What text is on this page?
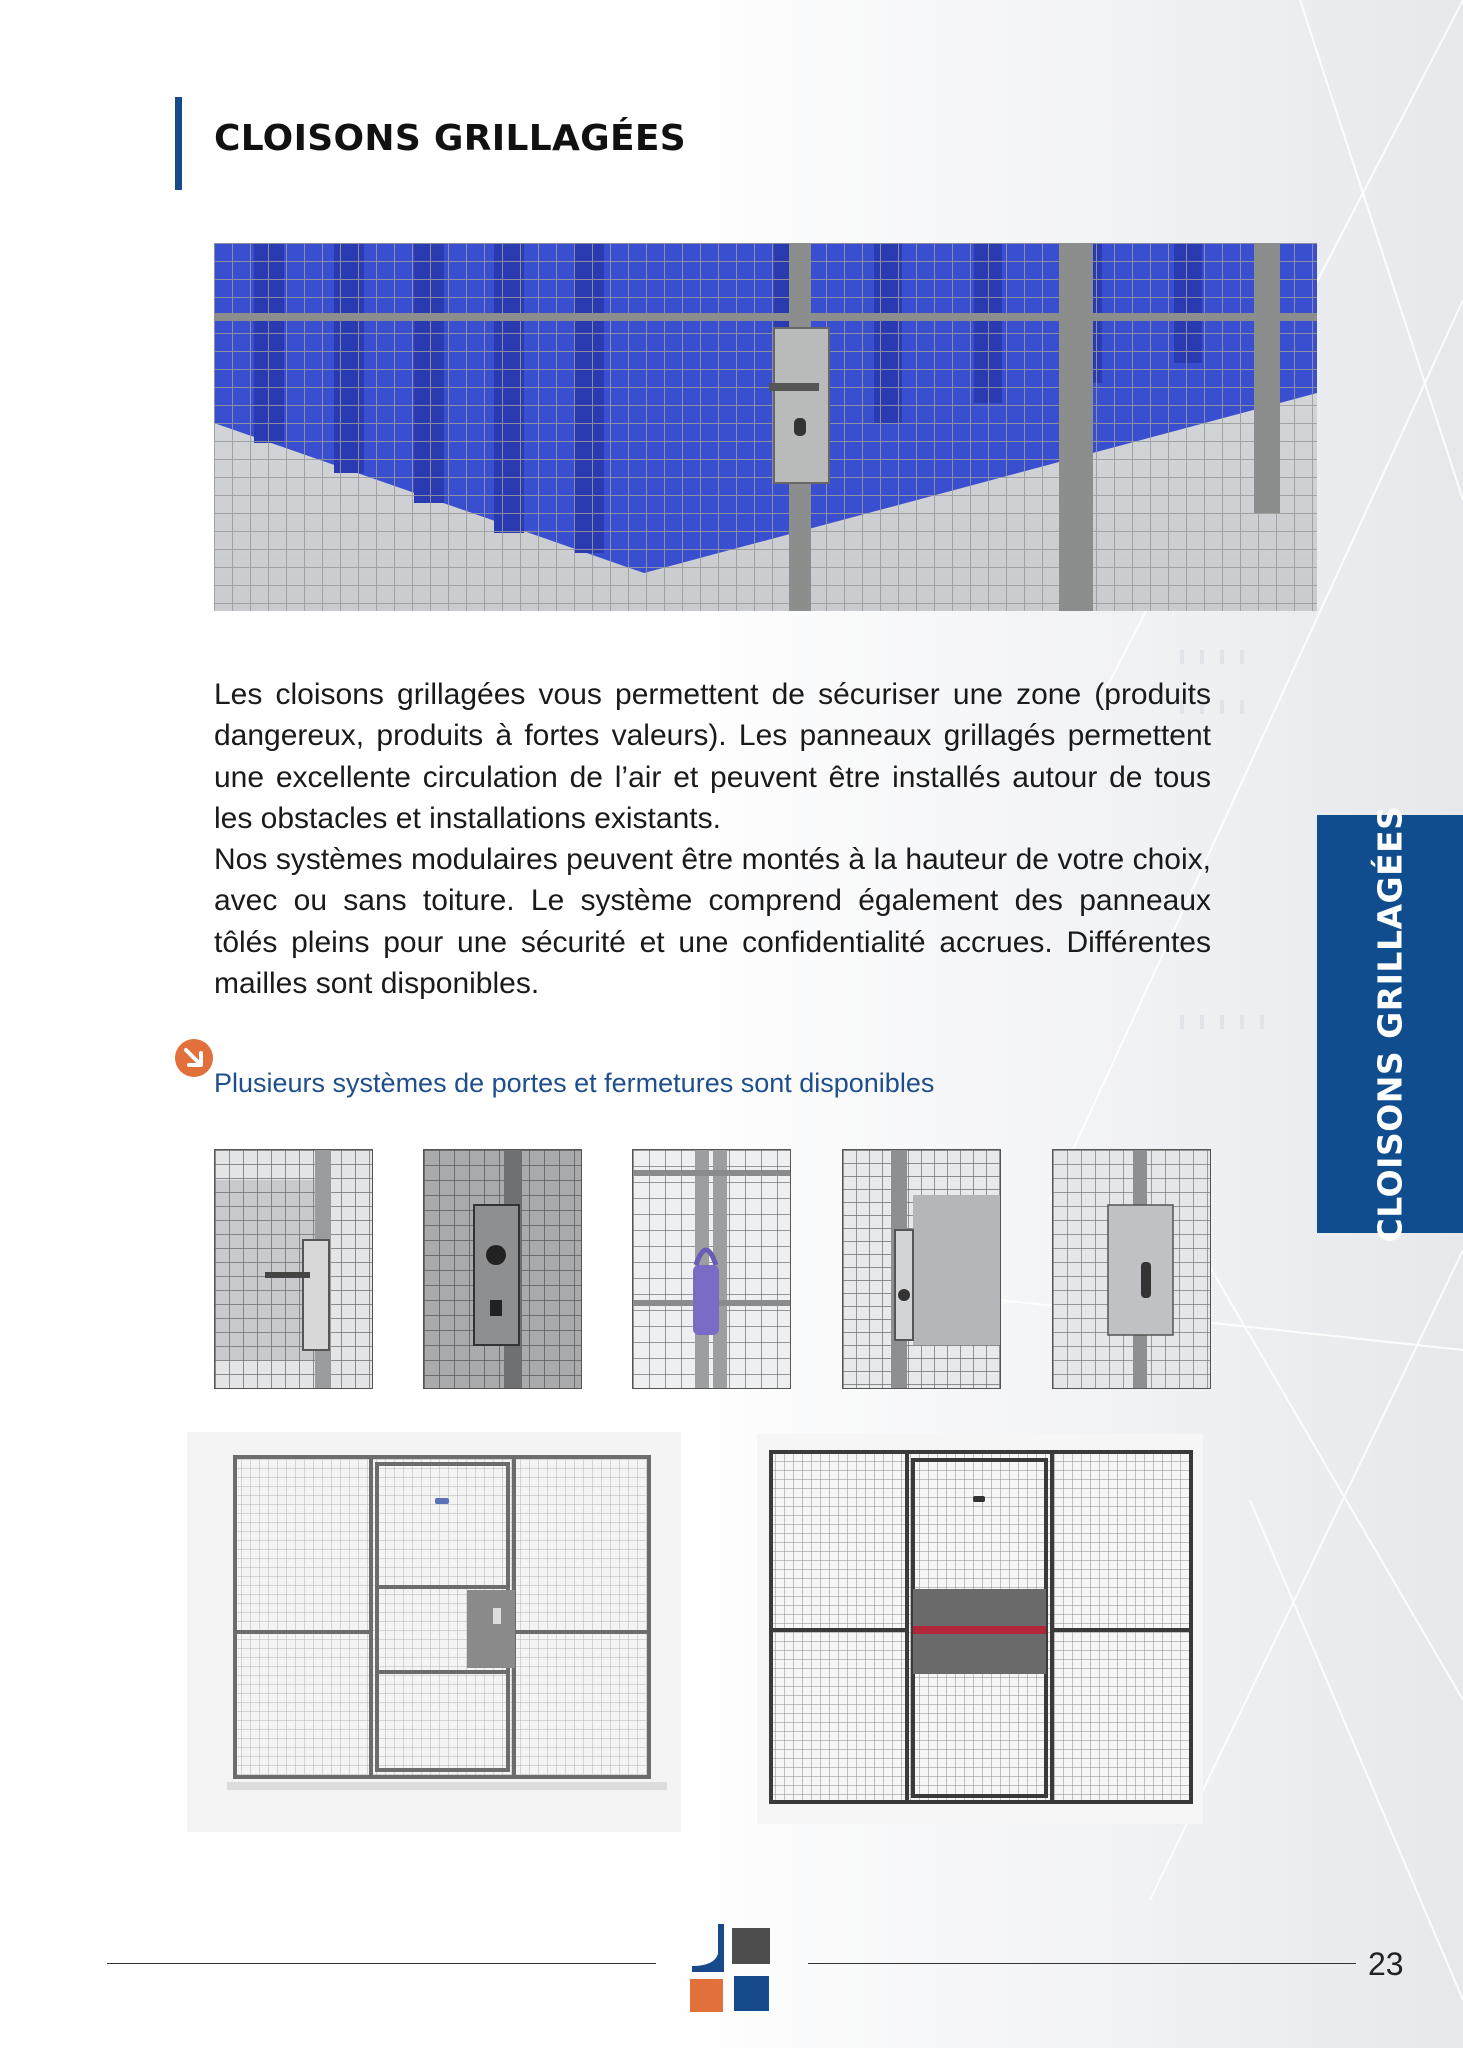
CLOISONS GRILLAGÉES

Les cloisons grillagées vous permettent de sécuriser une zone (produits dangereux, produits à fortes valeurs). Les panneaux grillagés permettent une excellente circulation de l’air et peuvent être installés autour de tous les obstacles et installations existants.

Nos systèmes modulaires peuvent être montés à la hauteur de votre choix, avec ou sans toiture. Le système comprend également des panneaux tôlés pleins pour une sécurité et une confidentialité accrues. Différentes mailles sont disponibles.

Plusieurs systèmes de portes et fermetures sont disponibles	CLOISONS GRILLAGÉES
23
